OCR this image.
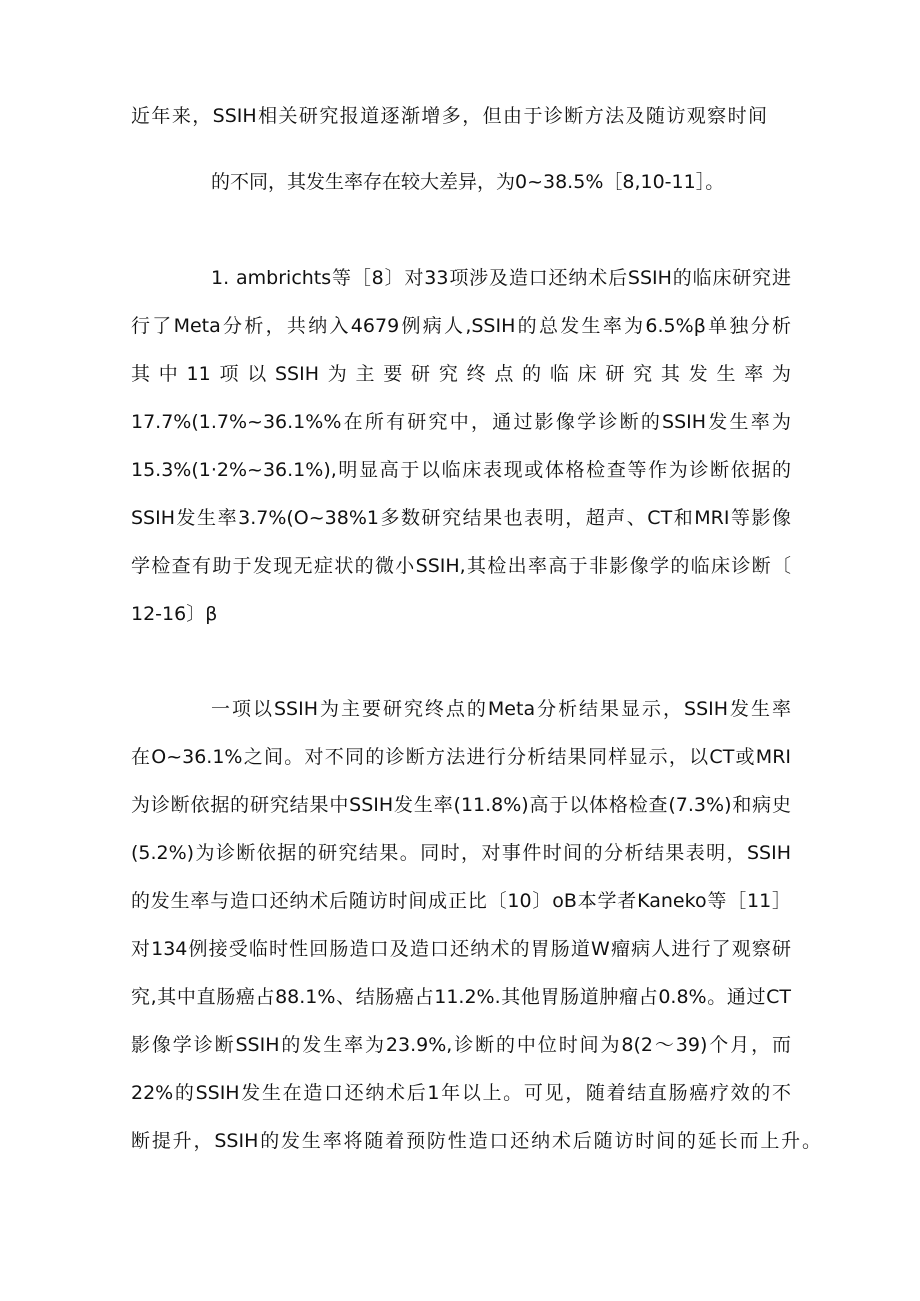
近年来，SSIH相关研究报道逐渐增多，但由于诊断方法及随访观察时间
的不同，其发生率存在较大差异，为0~38.5%［8,10-11］。
1. ambrichts等［8〕对33项涉及造口还纳术后SSIH的临床研究进
行了Meta分析，共纳入4679例病人,SSIH的总发生率为6.5%β单独分析
其中11项以SSIH为主要研究终点的临床研究其发生率为
17.7%(1.7%~36.1%%在所有研究中，通过影像学诊断的SSIH发生率为
15.3%(1·2%~36.1%),明显高于以临床表现或体格检查等作为诊断依据的
SSIH发生率3.7%(O~38%1多数研究结果也表明，超声、CT和MRI等影像
学检查有助于发现无症状的微小SSIH,其检出率高于非影像学的临床诊断〔
12-16〕β
一项以SSIH为主要研究终点的Meta分析结果显示，SSIH发生率
在O~36.1%之间。对不同的诊断方法进行分析结果同样显示，以CT或MRI
为诊断依据的研究结果中SSIH发生率(11.8%)高于以体格检查(7.3%)和病史
(5.2%)为诊断依据的研究结果。同时，对事件时间的分析结果表明，SSIH
的发生率与造口还纳术后随访时间成正比〔10〕oB本学者Kaneko等［11］
对134例接受临时性回肠造口及造口还纳术的胃肠道W瘤病人进行了观察研
究,其中直肠癌占88.1%、结肠癌占11.2%.其他胃肠道肿瘤占0.8%。通过CT
影像学诊断SSIH的发生率为23.9%,诊断的中位时间为8(2～39)个月，而
22%的SSIH发生在造口还纳术后1年以上。可见，随着结直肠癌疗效的不
断提升，SSIH的发生率将随着预防性造口还纳术后随访时间的延长而上升。
